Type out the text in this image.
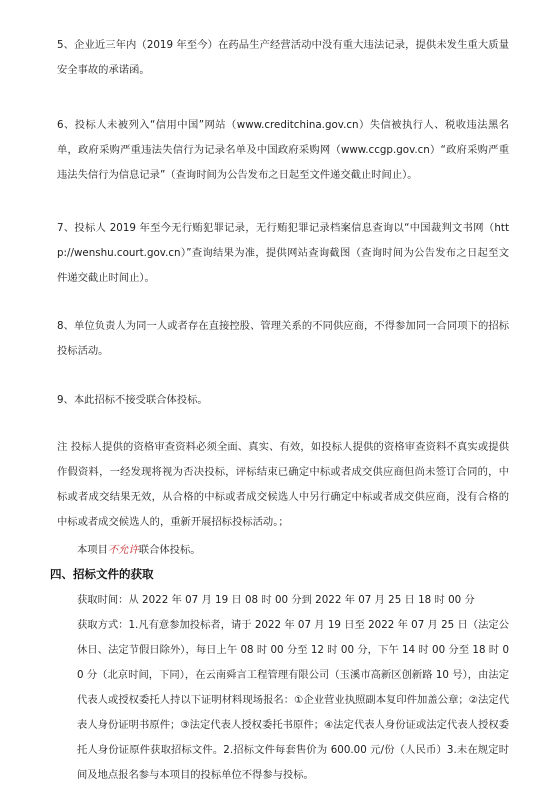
5、企业近三年内（2019 年至今）在药品生产经营活动中没有重大违法记录，提供未发生重大质量安全事故的承诺函。

6、投标人未被列入“信用中国”网站（www.creditchina.gov.cn）失信被执行人、税收违法黑名单，政府采购严重违法失信行为记录名单及中国政府采购网（www.ccgp.gov.cn）“政府采购严重违法失信行为信息记录”（查询时间为公告发布之日起至文件递交截止时间止）。

7、投标人 2019 年至今无行贿犯罪记录，无行贿犯罪记录档案信息查询以“中国裁判文书网（http://wenshu.court.gov.cn）”查询结果为准，提供网站查询截图（查询时间为公告发布之日起至文件递交截止时间止）。

8、单位负责人为同一人或者存在直接控股、管理关系的不同供应商，不得参加同一合同项下的招标投标活动。

9、本此招标不接受联合体投标。

注 投标人提供的资格审查资料必须全面、真实、有效，如投标人提供的资格审查资料不真实或提供作假资料，一经发现将视为否决投标，评标结束已确定中标或者成交供应商但尚未签订合同的，中标或者成交结果无效，从合格的中标或者成交候选人中另行确定中标或者成交供应商，没有合格的中标或者成交候选人的，重新开展招标投标活动。；

本项目不允许联合体投标。

四、招标文件的获取

获取时间：从 2022 年 07 月 19 日 08 时 00 分到 2022 年 07 月 25 日 18 时 00 分

获取方式：1.凡有意参加投标者，请于 2022 年 07 月 19 日至 2022 年 07 月 25 日（法定公休日、法定节假日除外），每日上午 08 时 00 分至 12 时 00 分，下午 14 时 00 分至 18 时 00 分（北京时间，下同），在云南舜言工程管理有限公司（玉溪市高新区创新路 10 号），由法定代表人或授权委托人持以下证明材料现场报名：①企业营业执照副本复印件加盖公章；②法定代表人身份证明书原件；③法定代表人授权委托书原件；④法定代表人身份证或法定代表人授权委托人身份证原件获取招标文件。2.招标文件每套售价为 600.00 元/份（人民币）3.未在规定时间及地点报名参与本项目的投标单位不得参与投标。
